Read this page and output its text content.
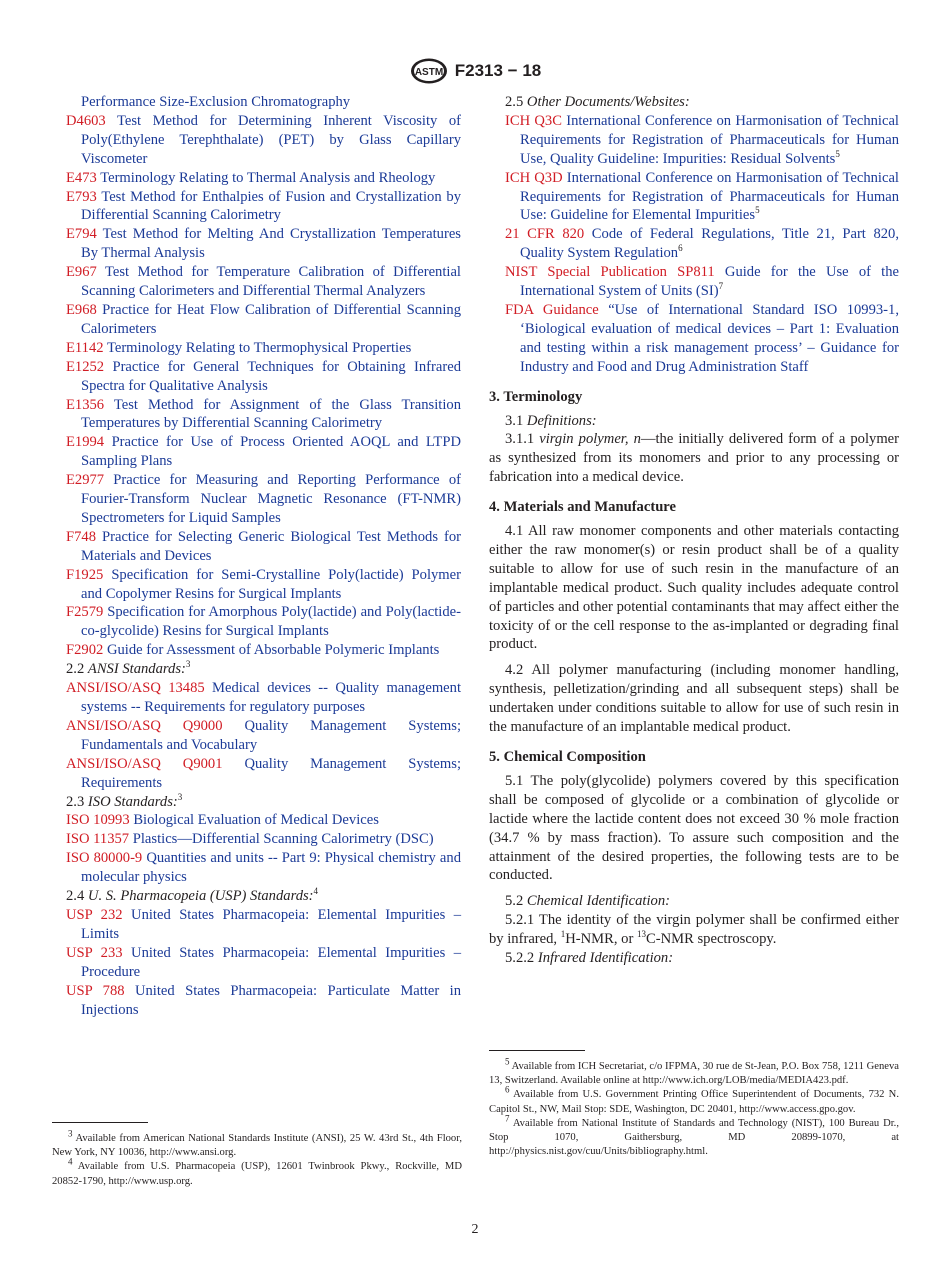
ASTM F2313 − 18
Performance Size-Exclusion Chromatography
D4603 Test Method for Determining Inherent Viscosity of Poly(Ethylene Terephthalate) (PET) by Glass Capillary Viscometer
E473 Terminology Relating to Thermal Analysis and Rheology
E793 Test Method for Enthalpies of Fusion and Crystallization by Differential Scanning Calorimetry
E794 Test Method for Melting And Crystallization Temperatures By Thermal Analysis
E967 Test Method for Temperature Calibration of Differential Scanning Calorimeters and Differential Thermal Analyzers
E968 Practice for Heat Flow Calibration of Differential Scanning Calorimeters
E1142 Terminology Relating to Thermophysical Properties
E1252 Practice for General Techniques for Obtaining Infrared Spectra for Qualitative Analysis
E1356 Test Method for Assignment of the Glass Transition Temperatures by Differential Scanning Calorimetry
E1994 Practice for Use of Process Oriented AOQL and LTPD Sampling Plans
E2977 Practice for Measuring and Reporting Performance of Fourier-Transform Nuclear Magnetic Resonance (FT-NMR) Spectrometers for Liquid Samples
F748 Practice for Selecting Generic Biological Test Methods for Materials and Devices
F1925 Specification for Semi-Crystalline Poly(lactide) Polymer and Copolymer Resins for Surgical Implants
F2579 Specification for Amorphous Poly(lactide) and Poly(lactide-co-glycolide) Resins for Surgical Implants
F2902 Guide for Assessment of Absorbable Polymeric Implants
2.2 ANSI Standards:$^3$
ANSI/ISO/ASQ 13485 Medical devices -- Quality management systems -- Requirements for regulatory purposes
ANSI/ISO/ASQ Q9000 Quality Management Systems; Fundamentals and Vocabulary
ANSI/ISO/ASQ Q9001 Quality Management Systems; Requirements
2.3 ISO Standards:$^3$
ISO 10993 Biological Evaluation of Medical Devices
ISO 11357 Plastics—Differential Scanning Calorimetry (DSC)
ISO 80000-9 Quantities and units -- Part 9: Physical chemistry and molecular physics
2.4 U. S. Pharmacopeia (USP) Standards:$^4$
USP 232 United States Pharmacopeia: Elemental Impurities – Limits
USP 233 United States Pharmacopeia: Elemental Impurities – Procedure
USP 788 United States Pharmacopeia: Particulate Matter in Injections
2.5 Other Documents/Websites:
ICH Q3C International Conference on Harmonisation of Technical Requirements for Registration of Pharmaceuticals for Human Use, Quality Guideline: Impurities: Residual Solvents$^5$
ICH Q3D International Conference on Harmonisation of Technical Requirements for Registration of Pharmaceuticals for Human Use: Guideline for Elemental Impurities$^5$
21 CFR 820 Code of Federal Regulations, Title 21, Part 820, Quality System Regulation$^6$
NIST Special Publication SP811 Guide for the Use of the International System of Units (SI)$^7$
FDA Guidance “Use of International Standard ISO 10993-1, ‘Biological evaluation of medical devices – Part 1: Evaluation and testing within a risk management process’ – Guidance for Industry and Food and Drug Administration Staff
3. Terminology
3.1 Definitions:
3.1.1 virgin polymer, n—the initially delivered form of a polymer as synthesized from its monomers and prior to any processing or fabrication into a medical device.
4. Materials and Manufacture
4.1 All raw monomer components and other materials contacting either the raw monomer(s) or resin product shall be of a quality suitable to allow for use of such resin in the manufacture of an implantable medical product. Such quality includes adequate control of particles and other potential contaminants that may affect either the toxicity of or the cell response to the as-implanted or degrading final product.
4.2 All polymer manufacturing (including monomer handling, synthesis, pelletization/grinding and all subsequent steps) shall be undertaken under conditions suitable to allow for use of such resin in the manufacture of an implantable medical product.
5. Chemical Composition
5.1 The poly(glycolide) polymers covered by this specification shall be composed of glycolide or a combination of glycolide or lactide where the lactide content does not exceed 30 % mole fraction (34.7 % by mass fraction). To assure such composition and the attainment of the desired properties, the following tests are to be conducted.
5.2 Chemical Identification:
5.2.1 The identity of the virgin polymer shall be confirmed either by infrared, $^1$H-NMR, or $^{13}$C-NMR spectroscopy.
5.2.2 Infrared Identification:

$^3$ Available from American National Standards Institute (ANSI), 25 W. 43rd St., 4th Floor, New York, NY 10036, http://www.ansi.org.

$^4$ Available from U.S. Pharmacopeia (USP), 12601 Twinbrook Pkwy., Rockville, MD 20852-1790, http://www.usp.org.

$^5$ Available from ICH Secretariat, c/o IFPMA, 30 rue de St-Jean, P.O. Box 758, 1211 Geneva 13, Switzerland. Available online at http://www.ich.org/LOB/media/MEDIA423.pdf.

$^6$ Available from U.S. Government Printing Office Superintendent of Documents, 732 N. Capitol St., NW, Mail Stop: SDE, Washington, DC 20401, http://www.access.gpo.gov.

$^7$ Available from National Institute of Standards and Technology (NIST), 100 Bureau Dr., Stop 1070, Gaithersburg, MD 20899-1070, at http://physics.nist.gov/cuu/Units/bibliography.html.

2
